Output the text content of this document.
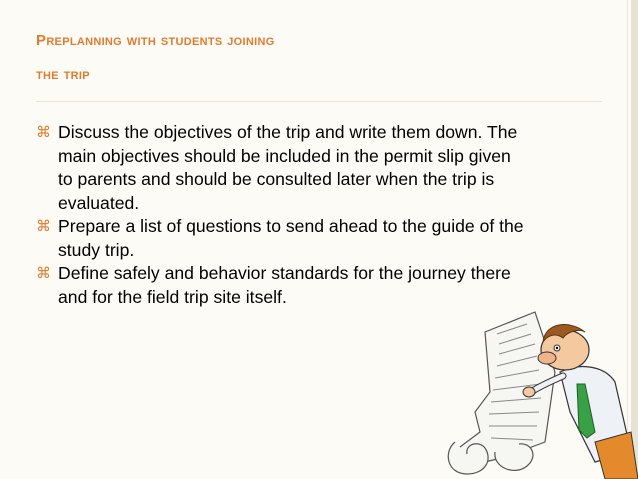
preplanning with students joining
the trip
⌘ Discuss the objectives of the trip and write them down. The main objectives should be included in the permit slip given to parents and should be consulted later when the trip is evaluated.
⌘ Prepare a list of questions to send ahead to the guide of the study trip.
⌘ Define safely and behavior standards for the journey there and for the field trip site itself.
